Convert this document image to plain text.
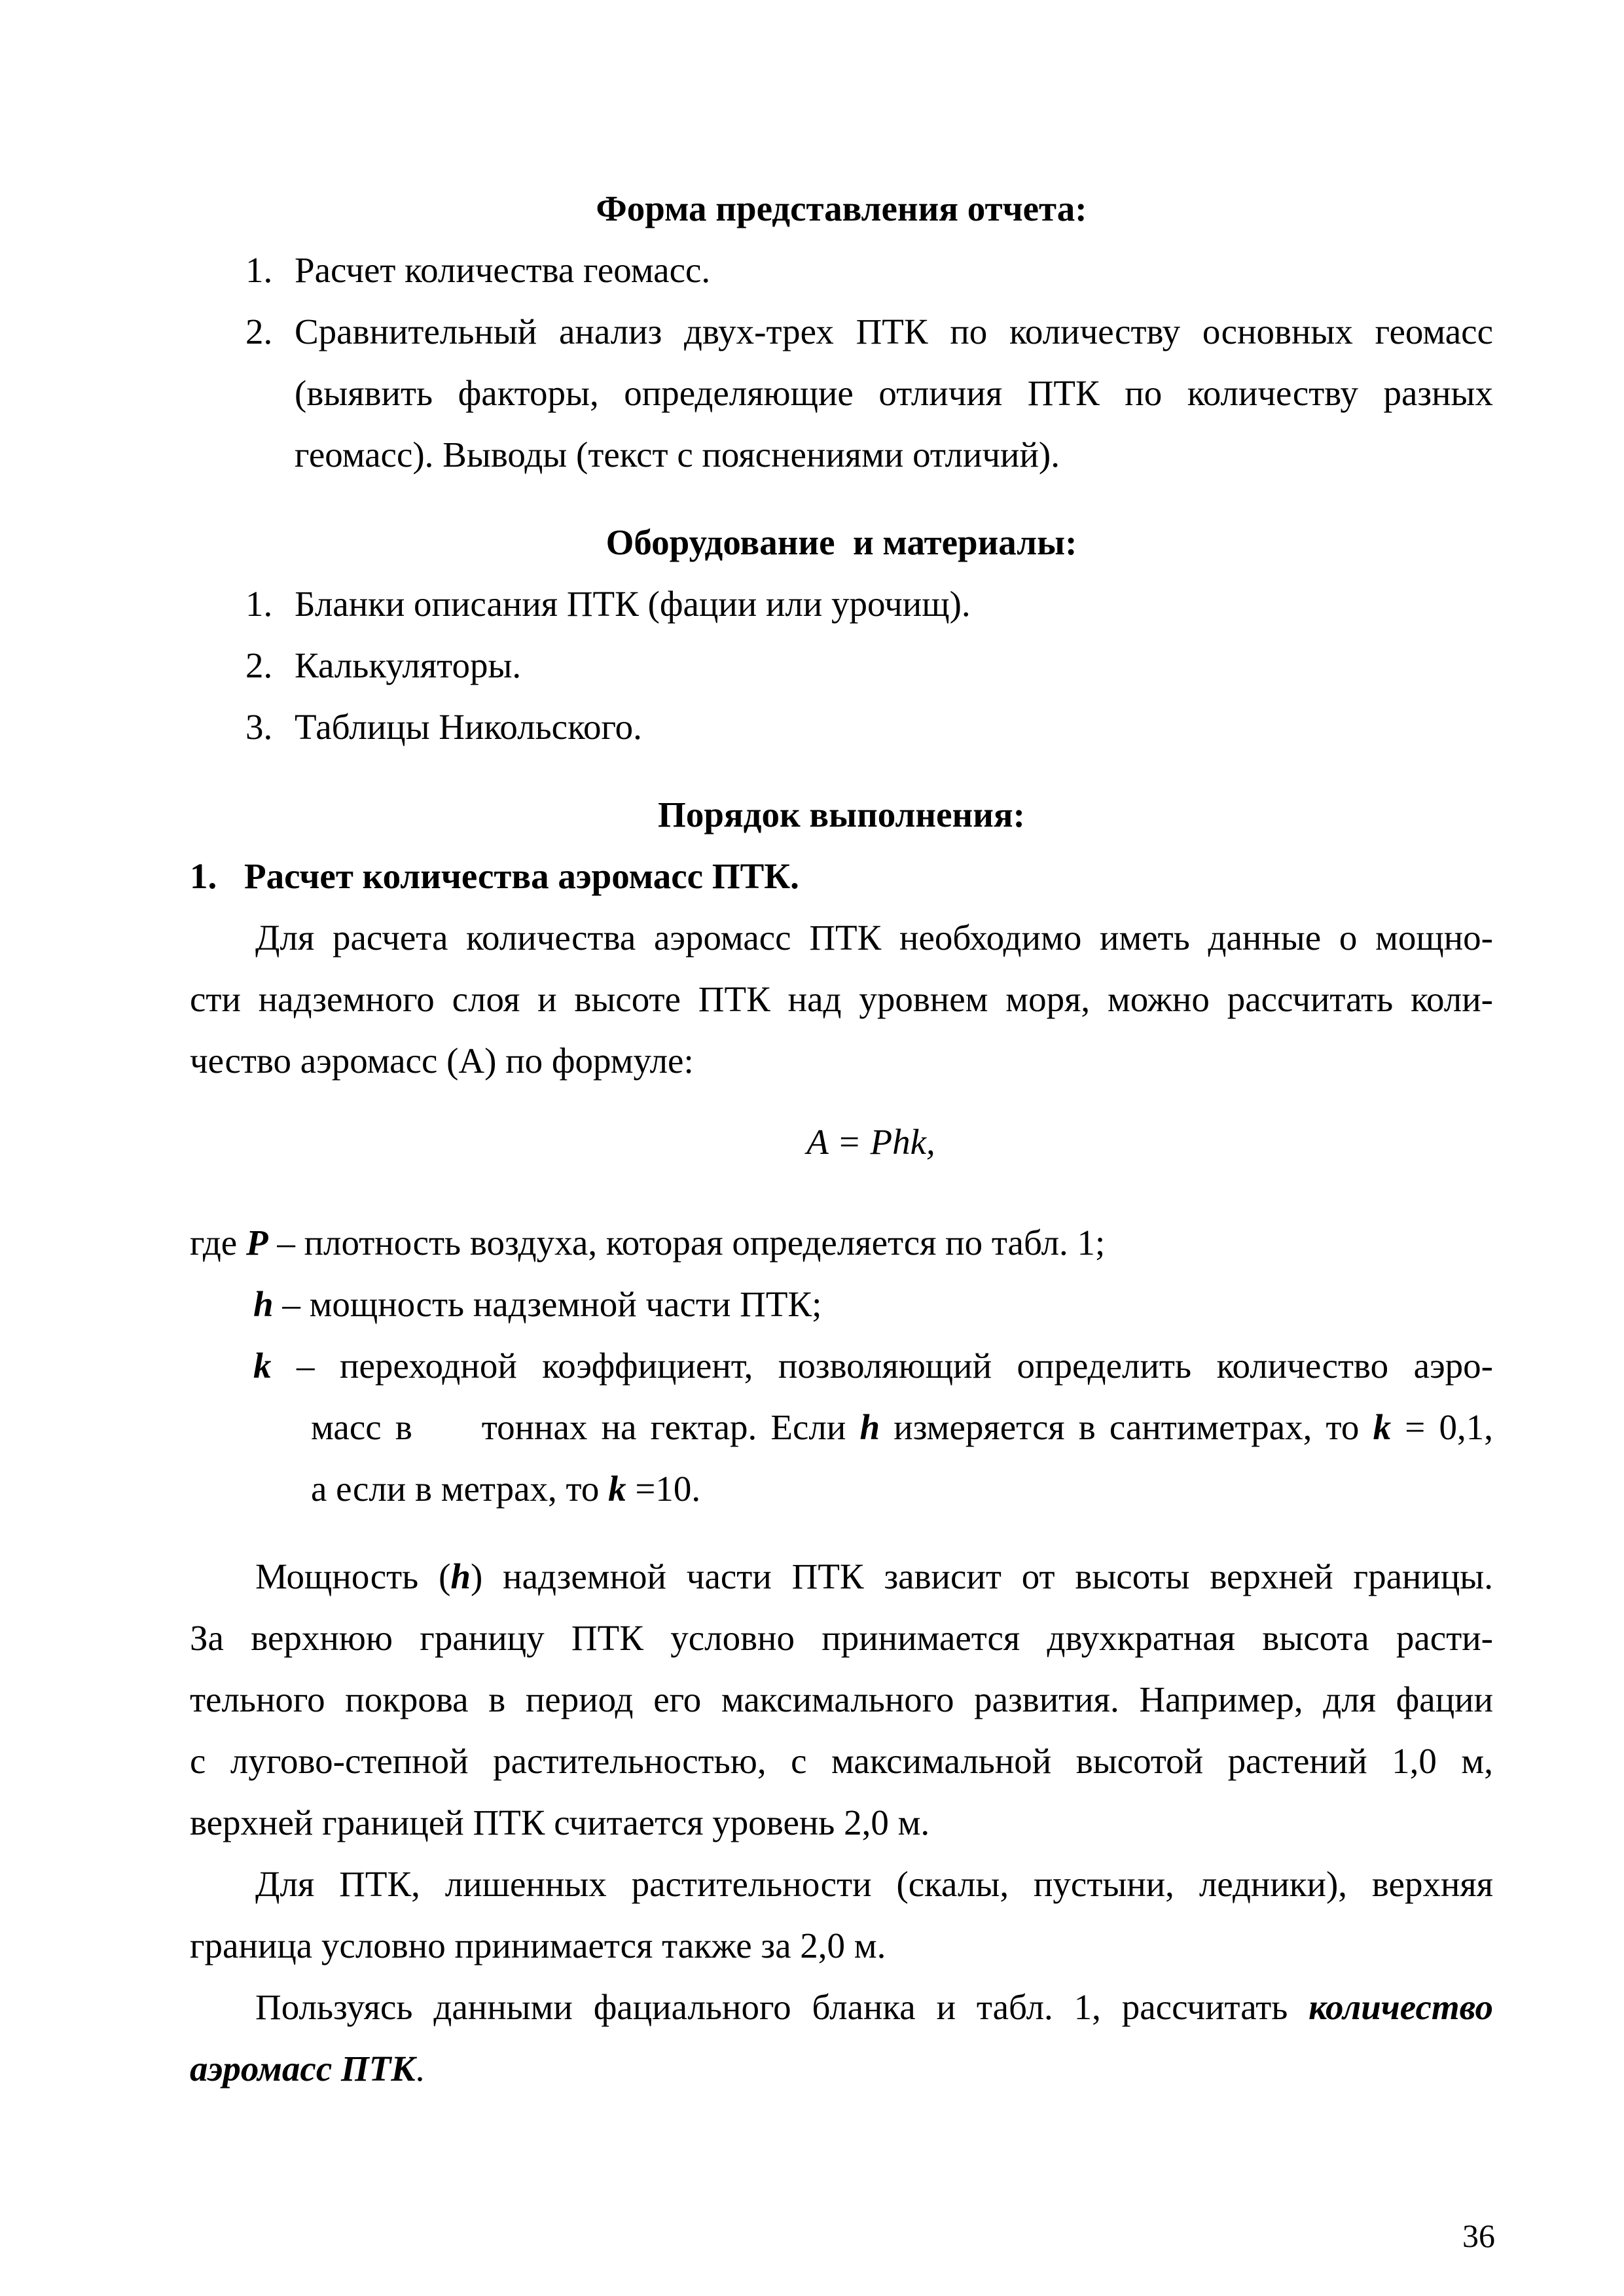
Форма представления отчета:
1. Расчет количества геомасс.
2. Сравнительный анализ двух-трех ПТК по количеству основных геомасс
(выявить факторы, определяющие отличия ПТК по количеству разных
геомасс). Выводы (текст с пояснениями отличий).
Оборудование  и материалы:
1. Бланки описания ПТК (фации или урочищ).
2. Калькуляторы.
3. Таблицы Никольского.
Порядок выполнения:
1. Расчет количества аэромасс ПТК.
Для расчета количества аэромасс ПТК необходимо иметь данные о мощно-
сти надземного слоя и высоте ПТК над уровнем моря, можно рассчитать коли-
чество аэромасс (А) по формуле:
A = Phk,
где P – плотность воздуха, которая определяется по табл. 1;
h – мощность надземной части ПТК;
k – переходной коэффициент, позволяющий определить количество аэро-
масс в     тоннах на гектар. Если h измеряется в сантиметрах, то k = 0,1,
а если в метрах, то k =10.
Мощность (h) надземной части ПТК зависит от высоты верхней границы.
За верхнюю границу ПТК условно принимается двухкратная высота расти-
тельного покрова в период его максимального развития. Например, для фации
с лугово-степной растительностью, с максимальной высотой растений 1,0 м,
верхней границей ПТК считается уровень 2,0 м.
Для ПТК, лишенных растительности (скалы, пустыни, ледники), верхняя
граница условно принимается также за 2,0 м.
Пользуясь данными фациального бланка и табл. 1, рассчитать количество
аэромасс ПТК.
36
